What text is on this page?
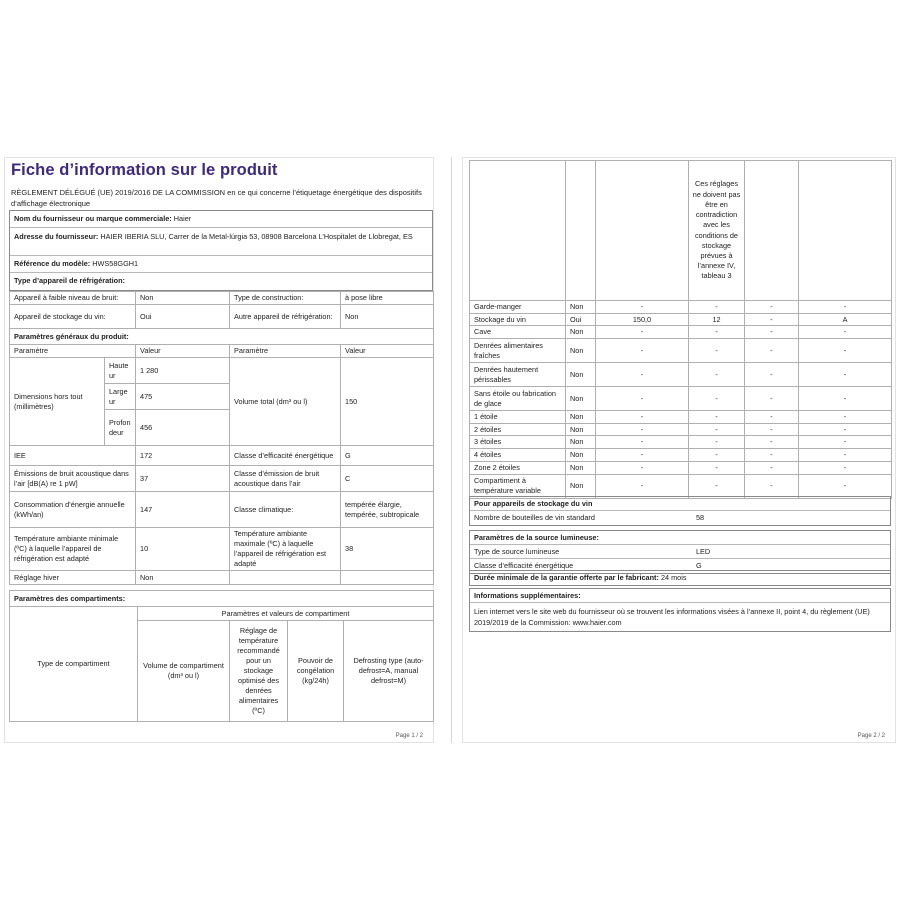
Fiche d’information sur le produit

RÈGLEMENT DÉLÉGUÉ (UE) 2019/2016 DE LA COMMISSION en ce qui concerne l’étiquetage énergétique des dispositifs d’affichage électronique

Nom du fournisseur ou marque commerciale: Haier
Adresse du fournisseur: HAIER IBERIA SLU, Carrer de la Metal-lúrgia 53, 08908 Barcelona L’Hospitalet de Llobregat, ES
Référence du modèle: HWS58GGH1
Type d’appareil de réfrigération:
Appareil à faible niveau de bruit:		Non	Type de construction:	à pose libre
Appareil de stockage du vin:		Oui	Autre appareil de réfrigération:	Non
Paramètres généraux du produit:				
Paramètre		Valeur	Paramètre	Valeur
Dimensions hors tout (millimètres)	Hauteur	1 280	Volume total (dm³ ou l)	150
	Largeur	475		
	Profondeur	456		
IEE		172	Classe d’efficacité énergétique	G
Émissions de bruit acoustique dans l’air [dB(A) re 1 pW]		37	Classe d’émission de bruit acoustique dans l’air	C
Consommation d’énergie annuelle (kWh/an)		147	Classe climatique:	tempérée élargie, tempérée, subtropicale
Température ambiante minimale (ºC) à laquelle l’appareil de réfrigération est adapté		10	Température ambiante maximale (ºC) à laquelle l’appareil de réfrigération est adapté	38
Réglage hiver		Non		
Paramètres des compartiments:				
Type de compartiment	Paramètres et valeurs de compartiment			
	Volume de compartiment (dm³ ou l)	Réglage de température recommandé pour un stockage optimisé des denrées alimentaires (ºC)	Pouvoir de congélation (kg/24h)	Defrosting type (auto-defrost=A, manual defrost=M)
Page 1 / 2
			Ces réglages ne doivent pas être en contradiction avec les conditions de stockage prévues à l’annexe IV, tableau 3		
Garde-manger	Non	-	-	-	-
Stockage du vin	Oui	150,0	12	-	A
Cave	Non	-	-	-	-
Denrées alimentaires fraîches	Non	-	-	-	-
Denrées hautement périssables	Non	-	-	-	-
Sans étoile ou fabrication de glace	Non	-	-	-	-
1 étoile	Non	-	-	-	-
2 étoiles	Non	-	-	-	-
3 étoiles	Non	-	-	-	-
4 étoiles	Non	-	-	-	-
Zone 2 étoiles	Non	-	-	-	-
Compartiment à température variable	Non	-	-	-	-
Pour appareils de stockage du vin
Nombre de bouteilles de vin standard	58
Paramètres de la source lumineuse:
Type de source lumineuse	LED
Classe d’efficacité énergétique	G
Durée minimale de la garantie offerte par le fabricant: 24 mois
Informations supplémentaires:
Lien internet vers le site web du fournisseur où se trouvent les informations visées à l’annexe II, point 4, du règlement (UE) 2019/2019 de la Commission: www.haier.com
Page 2 / 2
